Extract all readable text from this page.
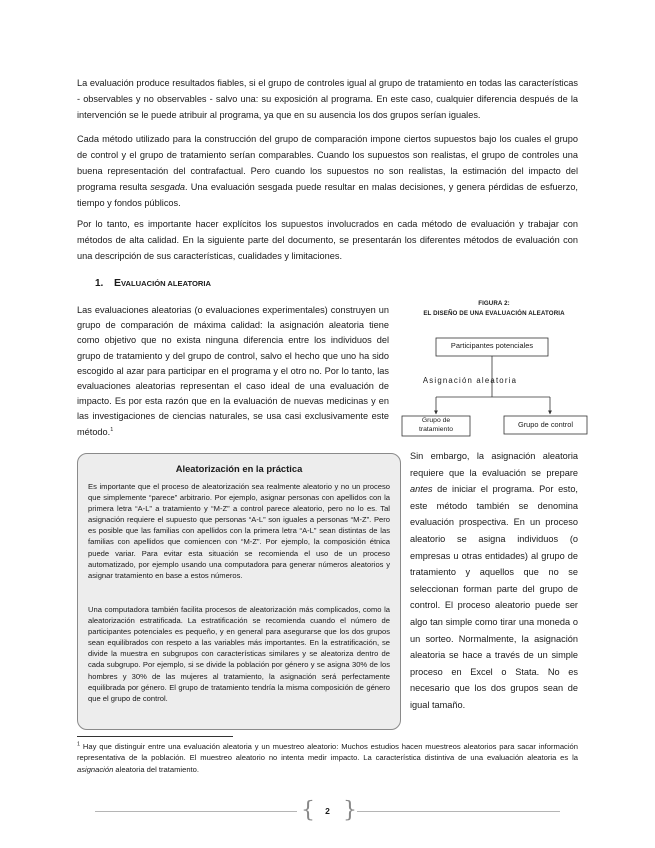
La evaluación produce resultados fiables, si el grupo de controles igual al grupo de tratamiento en todas las características - observables y no observables - salvo una: su exposición al programa. En este caso, cualquier diferencia después de la intervención se le puede atribuir al programa, ya que en su ausencia los dos grupos serían iguales.

Cada método utilizado para la construcción del grupo de comparación impone ciertos supuestos bajo los cuales el grupo de control y el grupo de tratamiento serían comparables. Cuando los supuestos son realistas, el grupo de controles una buena representación del contrafactual. Pero cuando los supuestos no son realistas, la estimación del impacto del programa resulta sesgada. Una evaluación sesgada puede resultar en malas decisiones, y genera pérdidas de esfuerzo, tiempo y fondos públicos.

Por lo tanto, es importante hacer explícitos los supuestos involucrados en cada método de evaluación y trabajar con métodos de alta calidad. En la siguiente parte del documento, se presentarán los diferentes métodos de evaluación con una descripción de sus características, cualidades y limitaciones.

1. EVALUACIÓN ALEATORIA

Las evaluaciones aleatorias (o evaluaciones experimentales) construyen un grupo de comparación de máxima calidad: la asignación aleatoria tiene como objetivo que no exista ninguna diferencia entre los individuos del grupo de tratamiento y del grupo de control, salvo el hecho que uno ha sido escogido al azar para participar en el programa y el otro no. Por lo tanto, las evaluaciones aleatorias representan el caso ideal de una evaluación de impacto. Es por esta razón que en la evaluación de nuevas medicinas y en las investigaciones de ciencias naturales, se usa casi exclusivamente este método.$^1$

FIGURA 2:

EL DISEÑO DE UNA EVALUACIÓN ALEATORIA

Participantes potenciales
Asignación aleatoria
Grupo de
tratamiento
Grupo de control

Sin embargo, la asignación aleatoria requiere que la evaluación se prepare antes de iniciar el programa. Por esto, este método también se denomina evaluación prospectiva. En un proceso aleatorio se asigna individuos (o empresas u otras entidades) al grupo de tratamiento y aquellos que no se seleccionan forman parte del grupo de control. El proceso aleatorio puede ser algo tan simple como tirar una moneda o un sorteo. Normalmente, la asignación aleatoria se hace a través de un simple proceso en Excel o Stata. No es necesario que los dos grupos sean de igual tamaño.

Aleatorización en la práctica

Es importante que el proceso de aleatorización sea realmente aleatorio y no un proceso que simplemente “parece” arbitrario. Por ejemplo, asignar personas con apellidos con la primera letra “A-L” a tratamiento y “M-Z” a control parece aleatorio, pero no lo es. Tal asignación requiere el supuesto que personas “A-L” son iguales a personas “M-Z”. Pero es posible que las familias con apellidos con la primera letra “A-L” sean distintas de las familias con apellidos que comiencen con “M-Z”. Por ejemplo, la composición étnica puede variar. Para evitar esta situación se recomienda el uso de un proceso automatizado, por ejemplo usando una computadora para generar números aleatorios y asignar tratamiento en base a estos números.

Una computadora también facilita procesos de aleatorización más complicados, como la aleatorización estratificada. La estratificación se recomienda cuando el número de participantes potenciales es pequeño, y en general para asegurarse que los dos grupos sean equilibrados con respeto a las variables más importantes. En la estratificación, se divide la muestra en subgrupos con características similares y se aleatoriza dentro de cada subgrupo. Por ejemplo, si se divide la población por género y se asigna 30% de los hombres y 30% de las mujeres al tratamiento, la asignación será perfectamente equilibrada por género. El grupo de tratamiento tendría la misma composición de género que el grupo de control.

$^1$ Hay que distinguir entre una evaluación aleatoria y un muestreo aleatorio: Muchos estudios hacen muestreos aleatorios para sacar información representativa de la población. El muestreo aleatorio no intenta medir impacto. La característica distintiva de una evaluación aleatoria es la asignación aleatoria del tratamiento.

{	2 }
